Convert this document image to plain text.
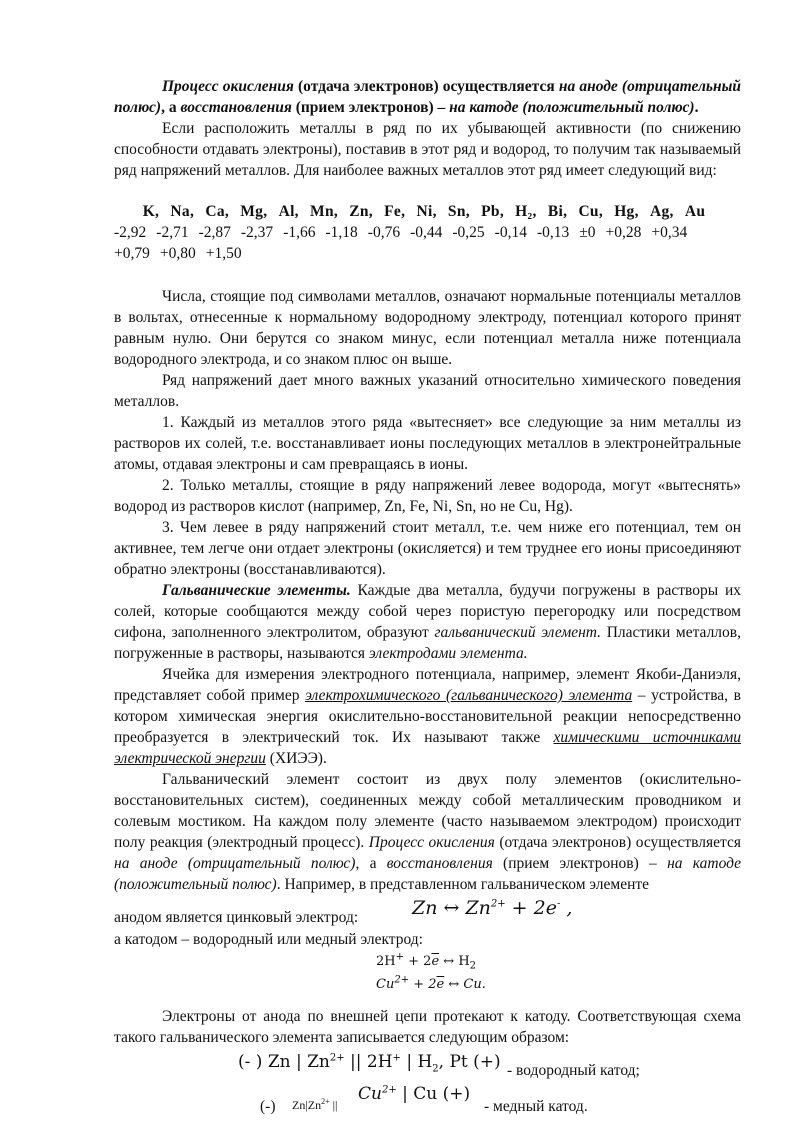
Процесс окисления (отдача электронов) осуществляется на аноде (отрицательный полюс), а восстановления (прием электронов) – на катоде (положительный полюс).

Если расположить металлы в ряд по их убывающей активности (по снижению способности отдавать электроны), поставив в этот ряд и водород, то получим так называемый ряд напряжений металлов. Для наиболее важных металлов этот ряд имеет следующий вид:

K, Na, Ca, Mg, Al, Mn, Zn, Fe, Ni, Sn, Pb, H₂, Bi, Cu, Hg, Ag, Au
-2,92 -2,71 -2,87 -2,37 -1,66 -1,18 -0,76 -0,44 -0,25 -0,14 -0,13 ±0 +0,28 +0,34+0,79 +0,80 +1,50

Числа, стоящие под символами металлов, означают нормальные потенциалы металлов в вольтах, отнесенные к нормальному водородному электроду, потенциал которого принят равным нулю. Они берутся со знаком минус, если потенциал металла ниже потенциала водородного электрода, и со знаком плюс он выше.

Ряд напряжений дает много важных указаний относительно химического поведения металлов.

1. Каждый из металлов этого ряда «вытесняет» все следующие за ним металлы из растворов их солей, т.е. восстанавливает ионы последующих металлов в электронейтральные атомы, отдавая электроны и сам превращаясь в ионы.

2. Только металлы, стоящие в ряду напряжений левее водорода, могут «вытеснять» водород из растворов кислот (например, Zn, Fe, Ni, Sn, но не Cu, Hg).

3. Чем левее в ряду напряжений стоит металл, т.е. чем ниже его потенциал, тем он активнее, тем легче они отдает электроны (окисляется) и тем труднее его ионы присоединяют обратно электроны (восстанавливаются).

Гальванические элементы. Каждые два металла, будучи погружены в растворы их солей, которые сообщаются между собой через пористую перегородку или посредством сифона, заполненного электролитом, образуют гальванический элемент. Пластики металлов, погруженные в растворы, называются электродами элемента.

Ячейка для измерения электродного потенциала, например, элемент Якоби-Даниэля, представляет собой пример электрохимического (гальванического) элемента – устройства, в котором химическая энергия окислительно-восстановительной реакции непосредственно преобразуется в электрический ток. Их называют также химическими источниками электрической энергии (ХИЭЭ).

Гальванический элемент состоит из двух полу элементов (окислительно-восстановительных систем), соединенных между собой металлическим проводником и солевым мостиком. На каждом полу элементе (часто называемом электродом) происходит полу реакция (электродный процесс). Процесс окисления (отдача электронов) осуществляется на аноде (отрицательный полюс), а восстановления (прием электронов) – на катоде (положительный полюс). Например, в представленном гальваническом элементе

анодом является цинковый электрод:	Zn ↔ $Zn^{2+} + 2e^-$ ,

а катодом – водородный или медный электрод:

$2H^+ + 2\overline{e}$ ↔ $H_2$
$Cu^{2+} + 2\overline{e}$ ↔ Cu.

Электроны от анода по внешней цепи протекают к катоду. Соответствующая схема такого гальванического элемента записывается следующим образом:

(- ) Zn | $Zn^{2+}$ || 2H+ | $H_2$, Pt (+) - водородный катод;
(-) $Zn|Zn^{2+}$ ||
$Cu^{2+}$ | Cu (+)
- медный катод.
